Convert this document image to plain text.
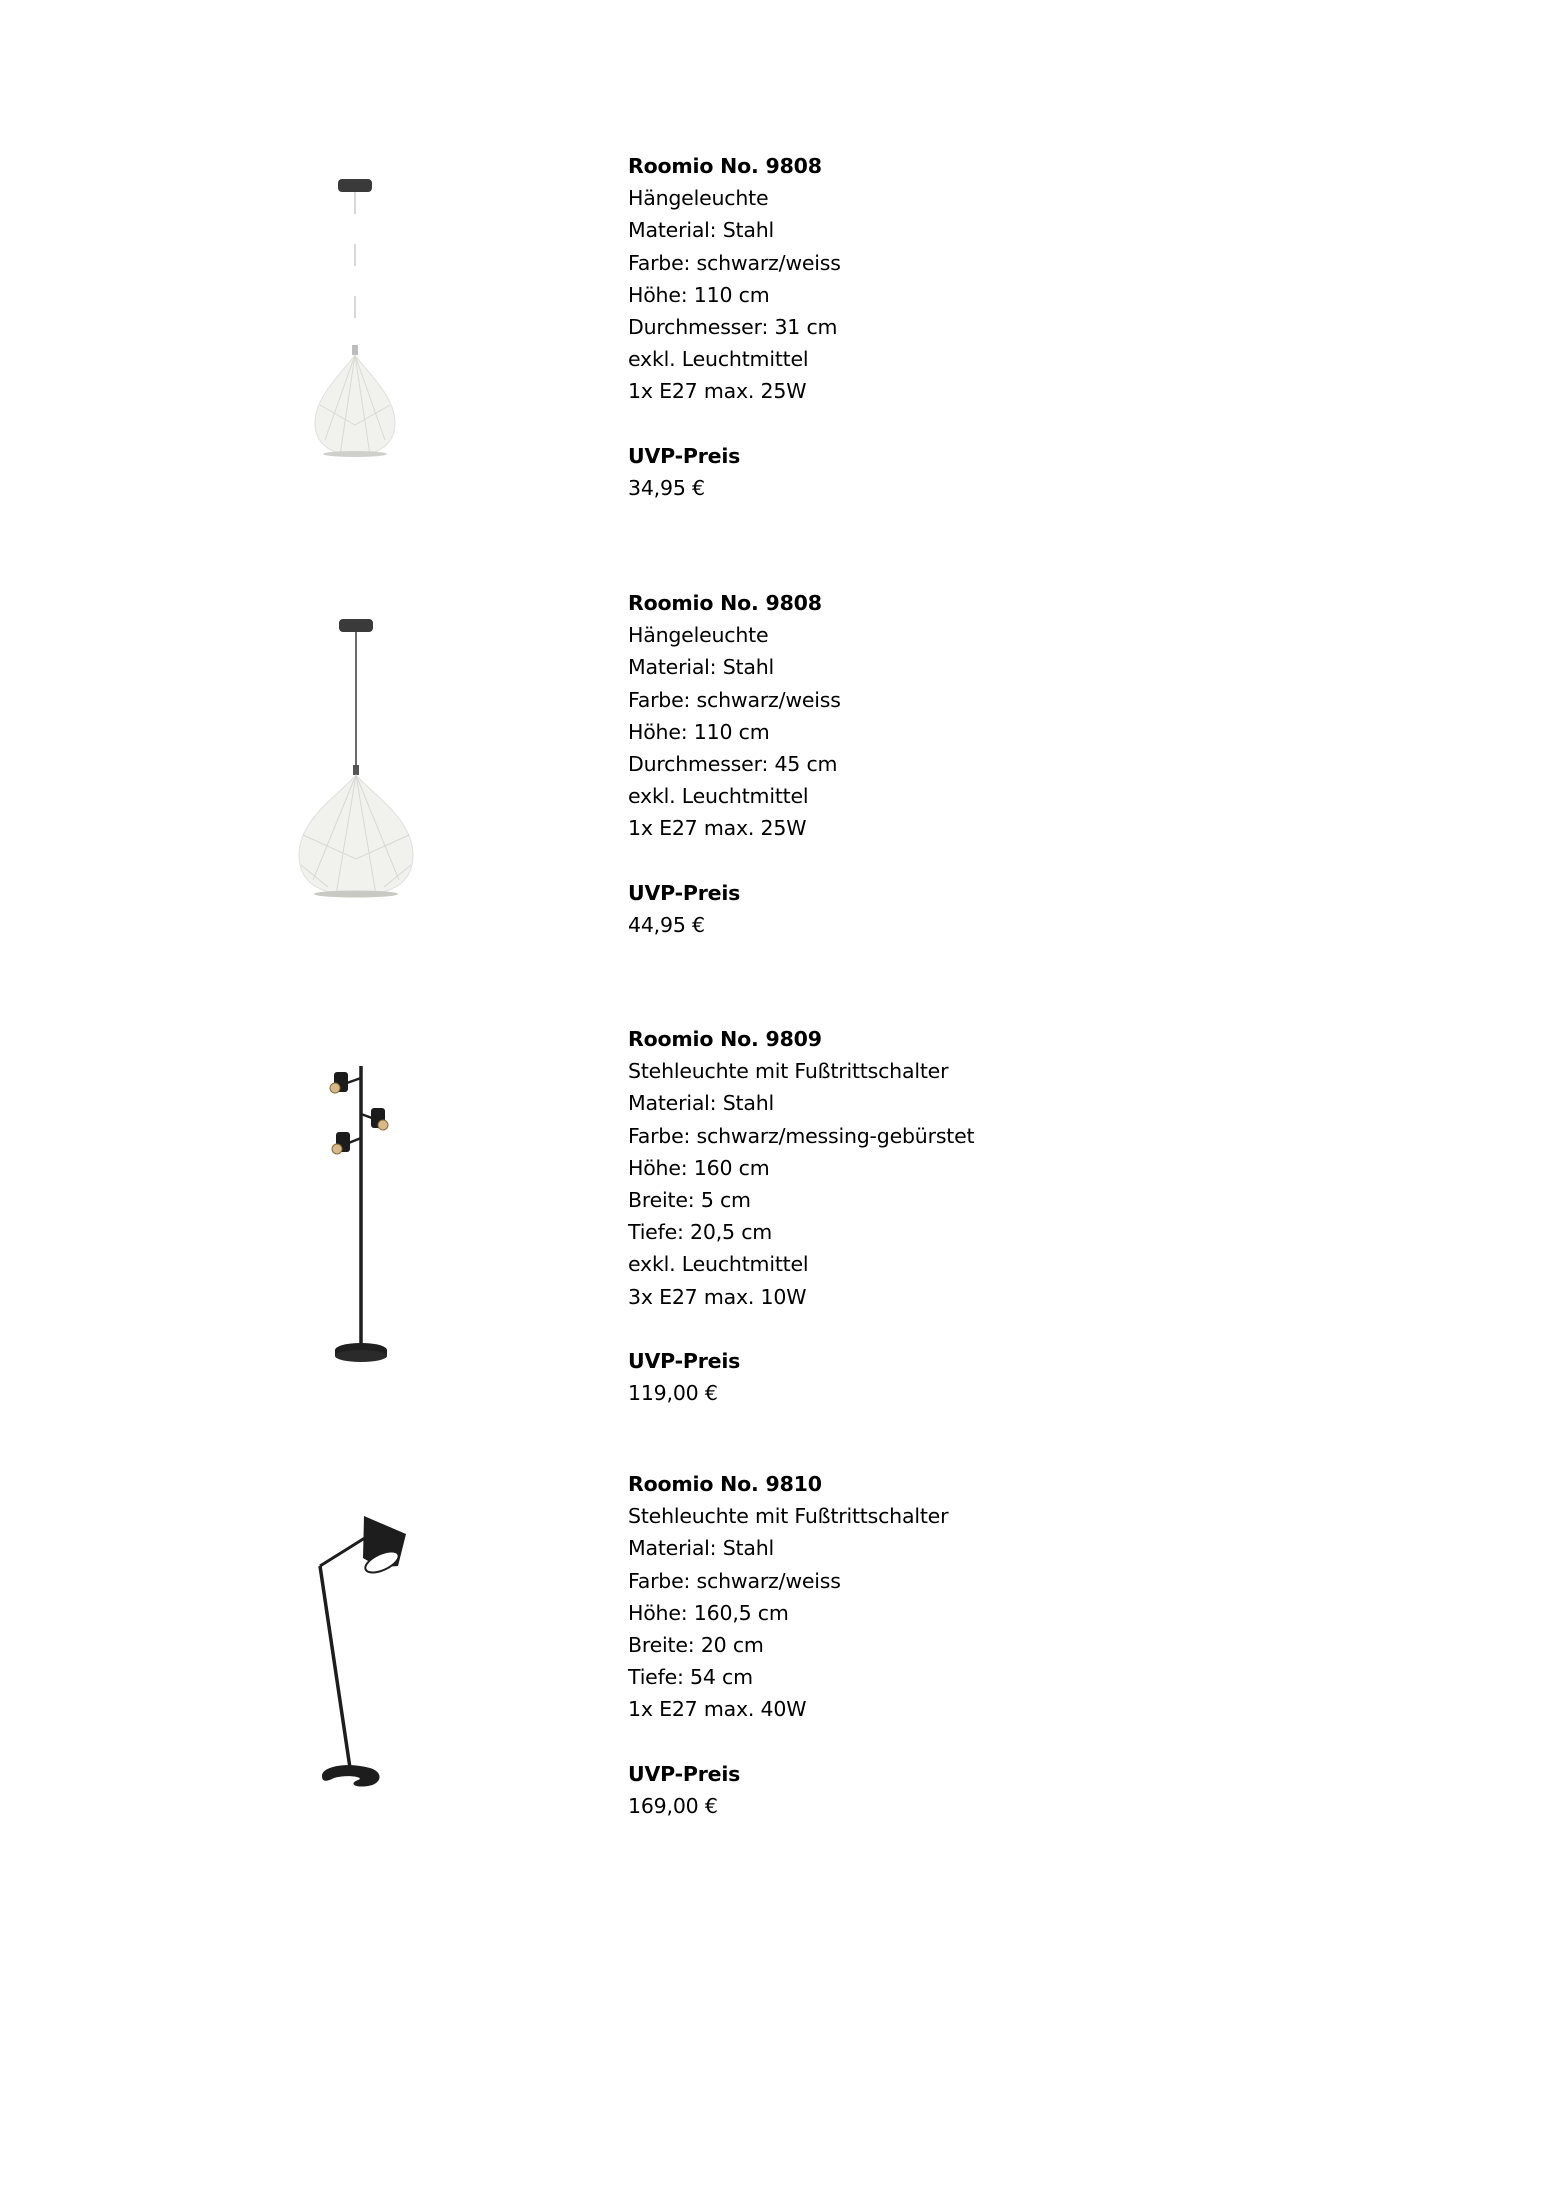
Roomio No. 9808
Hängeleuchte
Material: Stahl
Farbe: schwarz/weiss
Höhe: 110 cm
Durchmesser: 31 cm
exkl. Leuchtmittel
1x E27 max. 25W
UVP-Preis
34,95 €
Roomio No. 9808
Hängeleuchte
Material: Stahl
Farbe: schwarz/weiss
Höhe: 110 cm
Durchmesser: 45 cm
exkl. Leuchtmittel
1x E27 max. 25W
UVP-Preis
44,95 €
Roomio No. 9809
Stehleuchte mit Fußtrittschalter
Material: Stahl
Farbe: schwarz/messing-gebürstet
Höhe: 160 cm
Breite: 5 cm
Tiefe: 20,5 cm
exkl. Leuchtmittel
3x E27 max. 10W
UVP-Preis
119,00 €
Roomio No. 9810
Stehleuchte mit Fußtrittschalter
Material: Stahl
Farbe: schwarz/weiss
Höhe: 160,5 cm
Breite: 20 cm
Tiefe: 54 cm
1x E27 max. 40W
UVP-Preis
169,00 €
